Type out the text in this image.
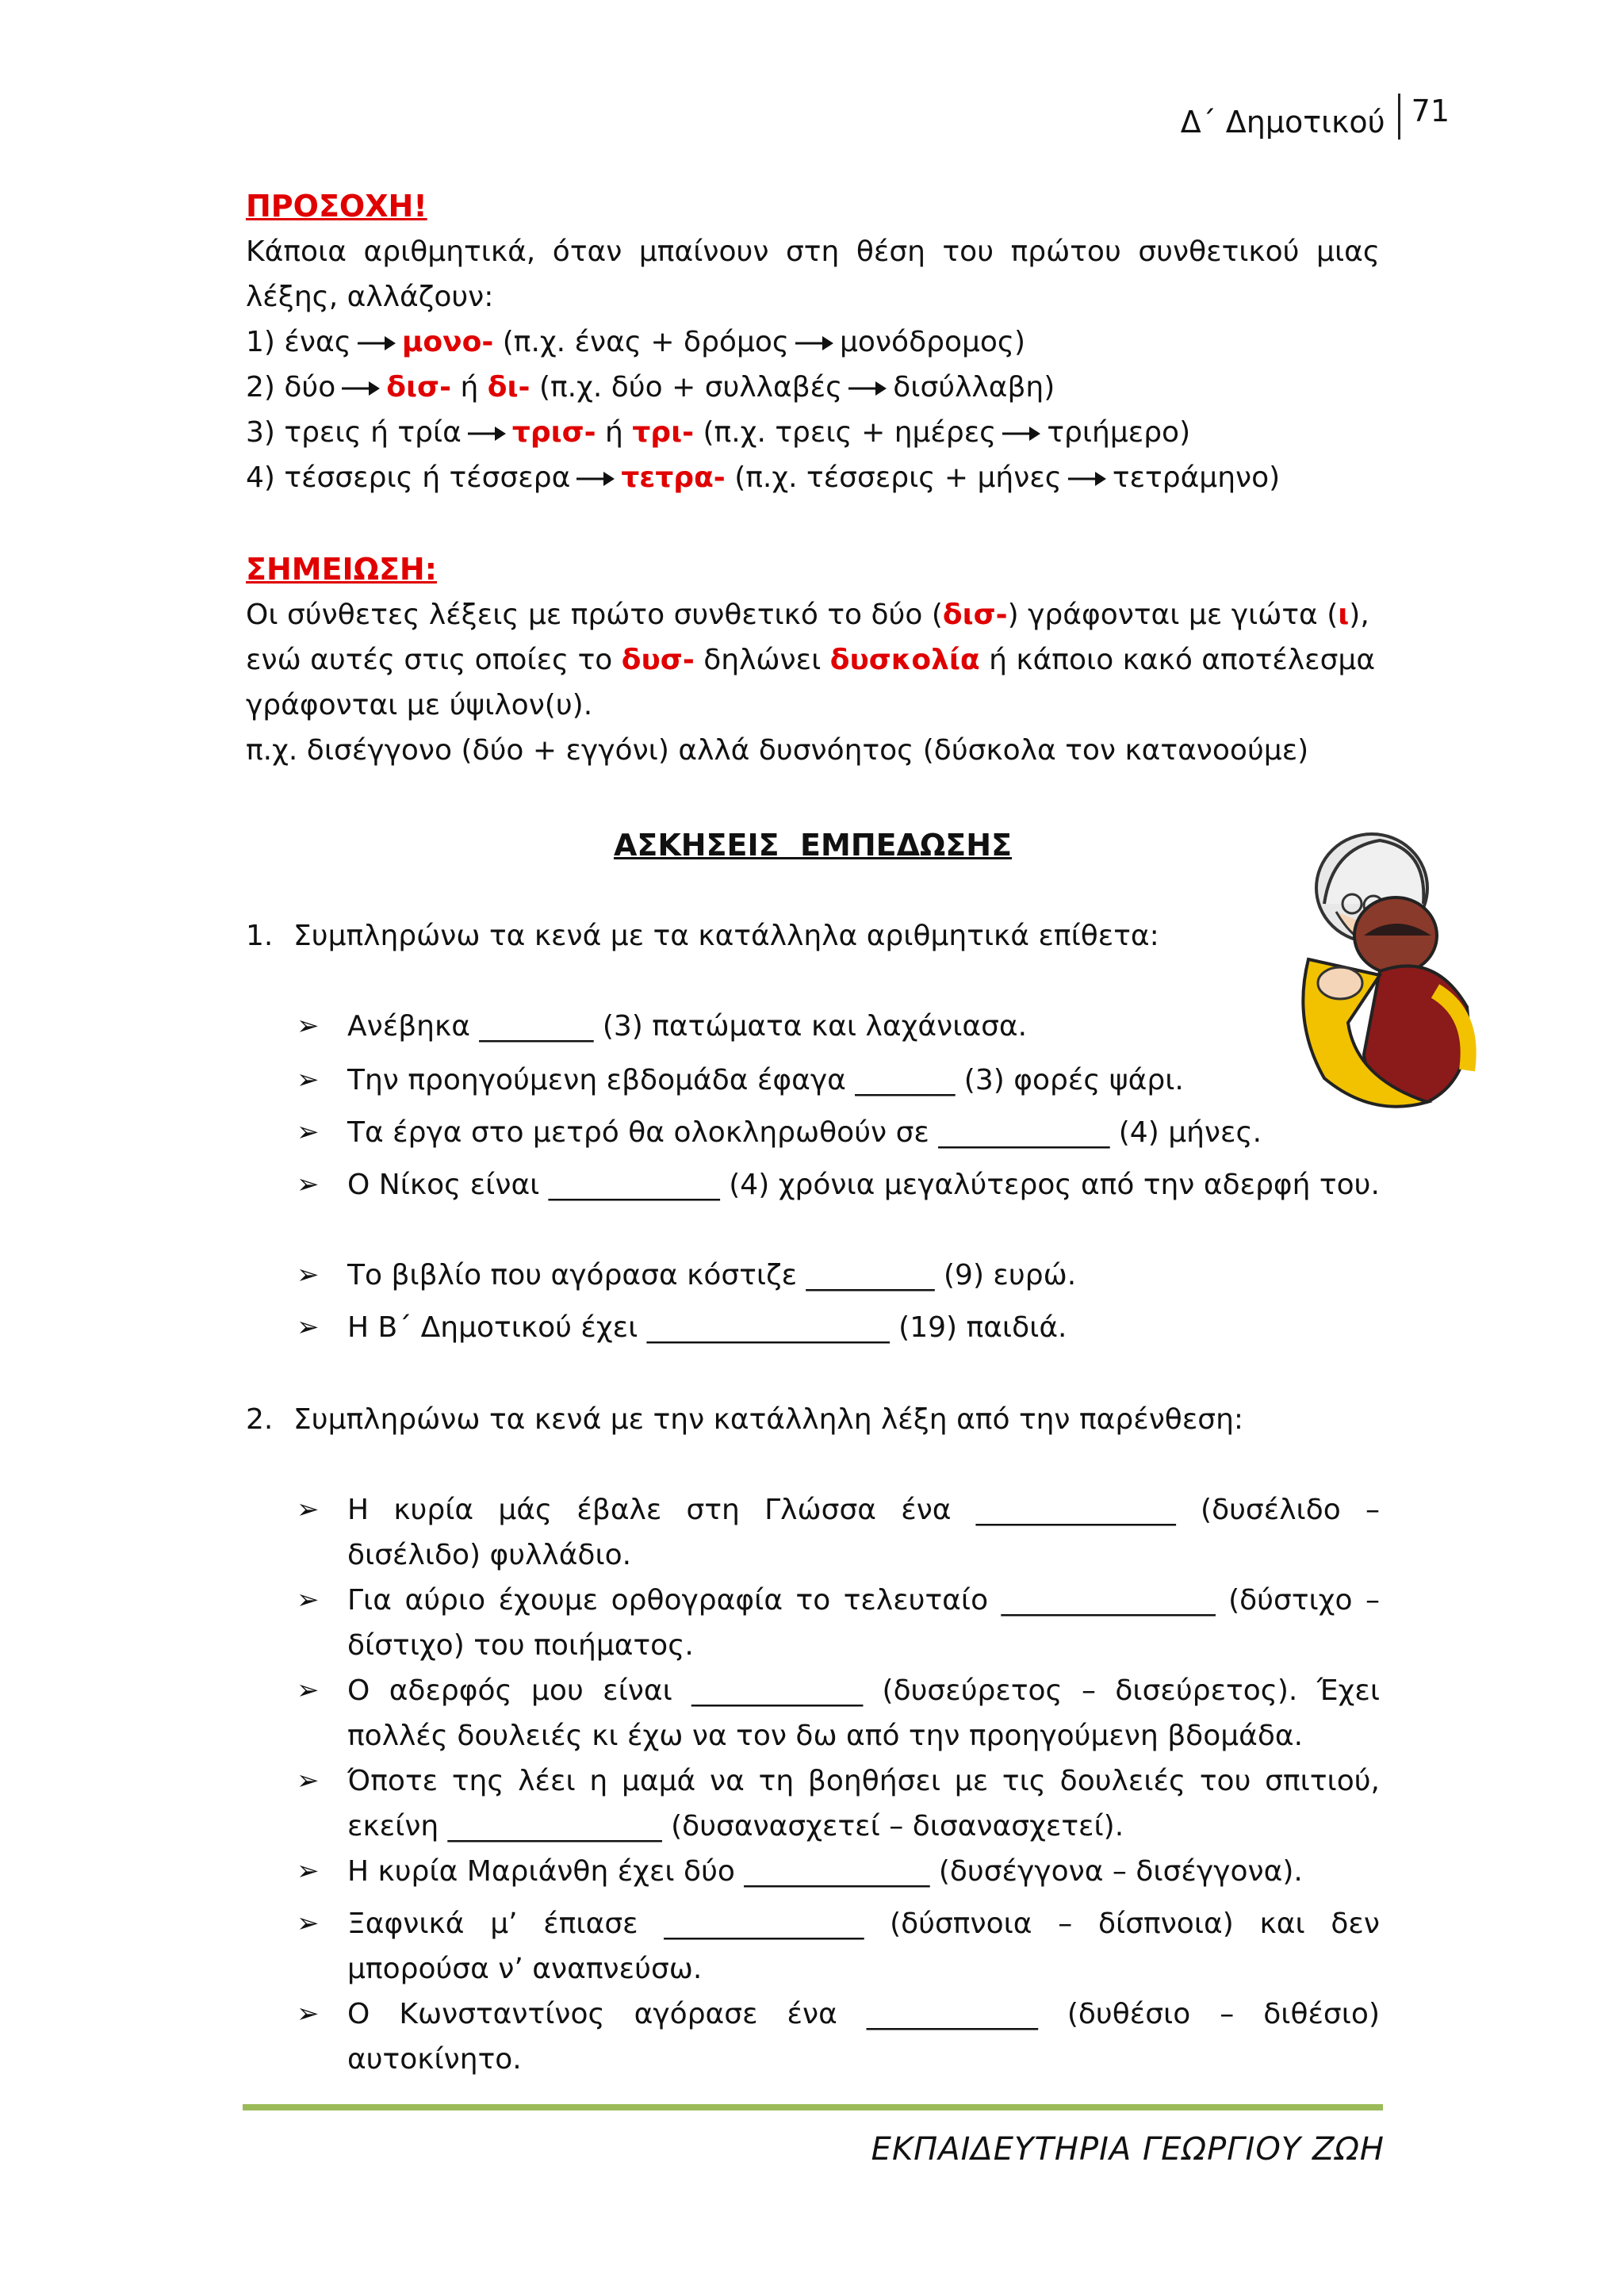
Δ΄ Δημοτικού 71
ΠΡΟΣΟΧΗ!
Κάποια αριθμητικά, όταν μπαίνουν στη θέση του πρώτου συνθετικού μιας λέξης, αλλάζουν:
1) ένας μονο- (π.χ. ένας + δρόμος μονόδρομος)
2) δύο δισ- ή δι- (π.χ. δύο + συλλαβές δισύλλαβη)
3) τρεις ή τρία τρισ- ή τρι- (π.χ. τρεις + ημέρες τριήμερο)
4) τέσσερις ή τέσσερα τετρα- (π.χ. τέσσερις + μήνες τετράμηνο)
ΣΗΜΕΙΩΣΗ:
Οι σύνθετες λέξεις με πρώτο συνθετικό το δύο (δισ-) γράφονται με γιώτα (ι),
ενώ αυτές στις οποίες το δυσ- δηλώνει δυσκολία ή κάποιο κακό αποτέλεσμα
γράφονται με ύψιλον(υ).
π.χ. δισέγγονο (δύο + εγγόνι) αλλά δυσνόητος (δύσκολα τον κατανοούμε)
ΑΣΚΗΣΕΙΣ  ΕΜΠΕΔΩΣΗΣ
1. Συμπληρώνω τα κενά με τα κατάλληλα αριθμητικά επίθετα:
➢ Ανέβηκα ________ (3) πατώματα και λαχάνιασα.
➢ Την προηγούμενη εβδομάδα έφαγα _______ (3) φορές ψάρι.
➢ Τα έργα στο μετρό θα ολοκληρωθούν σε ____________ (4) μήνες.
➢ Ο Νίκος είναι ____________ (4) χρόνια μεγαλύτερος από την αδερφή του.
➢ Το βιβλίο που αγόρασα κόστιζε _________ (9) ευρώ.
➢ Η Β΄ Δημοτικού έχει _________________ (19) παιδιά.
2. Συμπληρώνω τα κενά με την κατάλληλη λέξη από την παρένθεση:
➢ Η κυρία μάς έβαλε στη Γλώσσα ένα ______________ (δυσέλιδο – δισέλιδο) φυλλάδιο.
➢ Για αύριο έχουμε ορθογραφία το τελευταίο _______________ (δύστιχο – δίστιχο) του ποιήματος.
➢ Ο αδερφός μου είναι ____________ (δυσεύρετος – δισεύρετος). Έχει πολλές δουλειές κι έχω να τον δω από την προηγούμενη βδομάδα.
➢ Όποτε της λέει η μαμά να τη βοηθήσει με τις δουλειές του σπιτιού, εκείνη _______________ (δυσανασχετεί – δισανασχετεί).
➢ Η κυρία Μαριάνθη έχει δύο _____________ (δυσέγγονα – δισέγγονα).
➢ Ξαφνικά μ’ έπιασε ______________ (δύσπνοια – δίσπνοια) και δεν μπορούσα ν’ αναπνεύσω.
➢ Ο Κωνσταντίνος αγόρασε ένα ____________ (δυθέσιο – διθέσιο) αυτοκίνητο.
ΕΚΠΑΙΔΕΥΤΗΡΙΑ ΓΕΩΡΓΙΟΥ ΖΩΗ
